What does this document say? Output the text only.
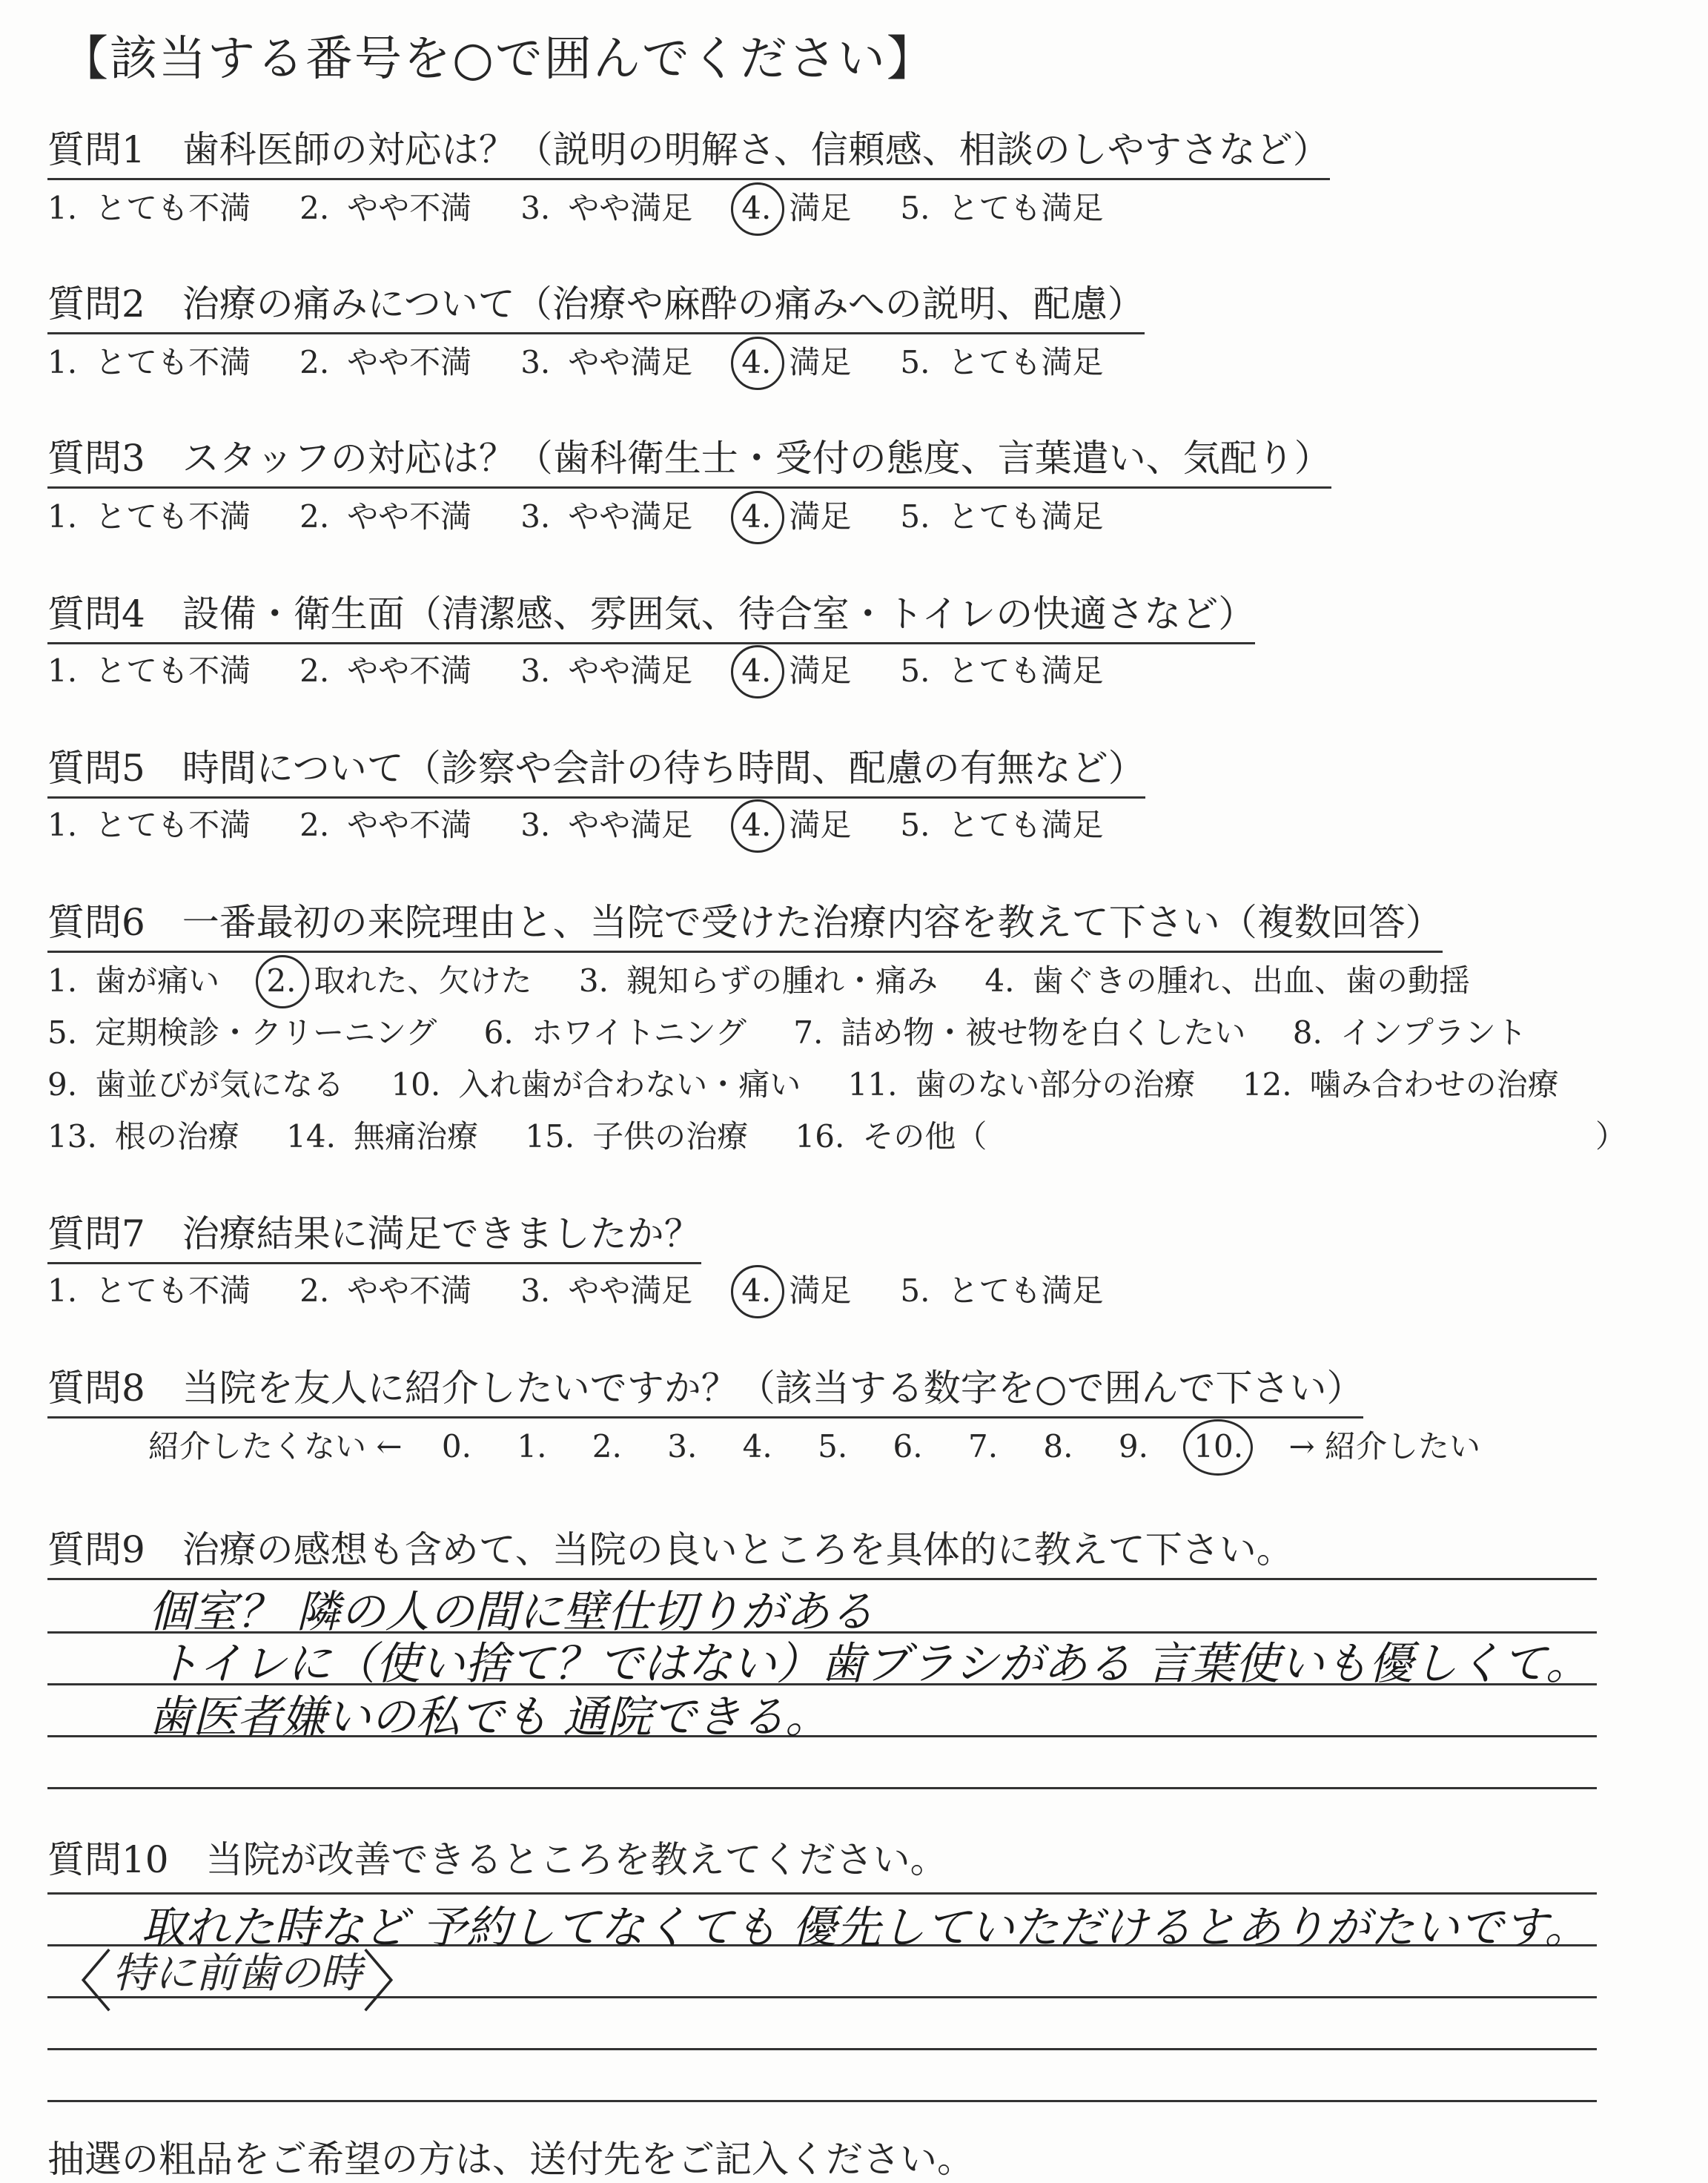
【該当する番号を○で囲んでください】
質問1　歯科医師の対応は？（説明の明解さ、信頼感、相談のしやすさなど）
1. とても不満 2. やや不満 3. やや満足 4. 満足 5. とても満足
質問2　治療の痛みについて（治療や麻酔の痛みへの説明、配慮）
1. とても不満 2. やや不満 3. やや満足 4. 満足 5. とても満足
質問3　スタッフの対応は？（歯科衛生士・受付の態度、言葉遣い、気配り）
1. とても不満 2. やや不満 3. やや満足 4. 満足 5. とても満足
質問4　設備・衛生面（清潔感、雰囲気、待合室・トイレの快適さなど）
1. とても不満 2. やや不満 3. やや満足 4. 満足 5. とても満足
質問5　時間について（診察や会計の待ち時間、配慮の有無など）
1. とても不満 2. やや不満 3. やや満足 4. 満足 5. とても満足
質問6　一番最初の来院理由と、当院で受けた治療内容を教えて下さい（複数回答）
1. 歯が痛い 2. 取れた、欠けた 3. 親知らずの腫れ・痛み 4. 歯ぐきの腫れ、出血、歯の動揺
5. 定期検診・クリーニング 6. ホワイトニング 7. 詰め物・被せ物を白くしたい 8. インプラント
9. 歯並びが気になる 10. 入れ歯が合わない・痛い 11. 歯のない部分の治療 12. 噛み合わせの治療
13. 根の治療 14. 無痛治療 15. 子供の治療 16. その他（	）
質問7　治療結果に満足できましたか？
1. とても不満 2. やや不満 3. やや満足 4. 満足 5. とても満足
質問8　当院を友人に紹介したいですか？（該当する数字を○で囲んで下さい）
紹介したくない ← 0. 1. 2. 3. 4. 5. 6. 7. 8. 9. 10. → 紹介したい
質問9　治療の感想も含めて、当院の良いところを具体的に教えて下さい。
個室？ 隣の人の間に壁仕切りがある
トイレに（使い捨て？ではない）歯ブラシがある 言葉使いも優しくて。
歯医者嫌いの私でも 通院できる。
質問10　当院が改善できるところを教えてください。
取れた時など 予約してなくても 優先していただけるとありがたいです。
〈特に前歯の時〉
抽選の粗品をご希望の方は、送付先をご記入ください。
